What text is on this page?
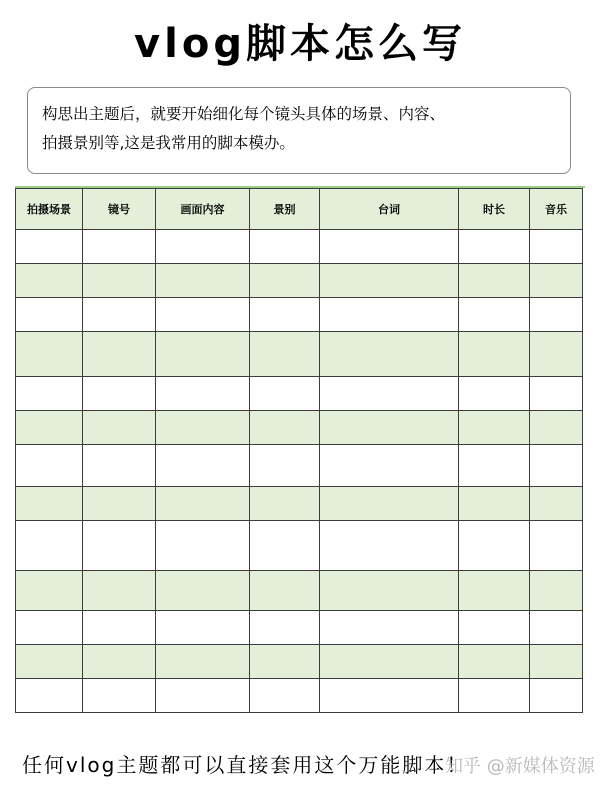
vlog脚本怎么写
构思出主题后，就要开始细化每个镜头具体的场景、内容、
拍摄景别等,这是我常用的脚本模办。
拍摄场景	镜号	画面内容	景别	台词	时长	音乐

任何vlog主题都可以直接套用这个万能脚本！
知乎 @新媒体资源
